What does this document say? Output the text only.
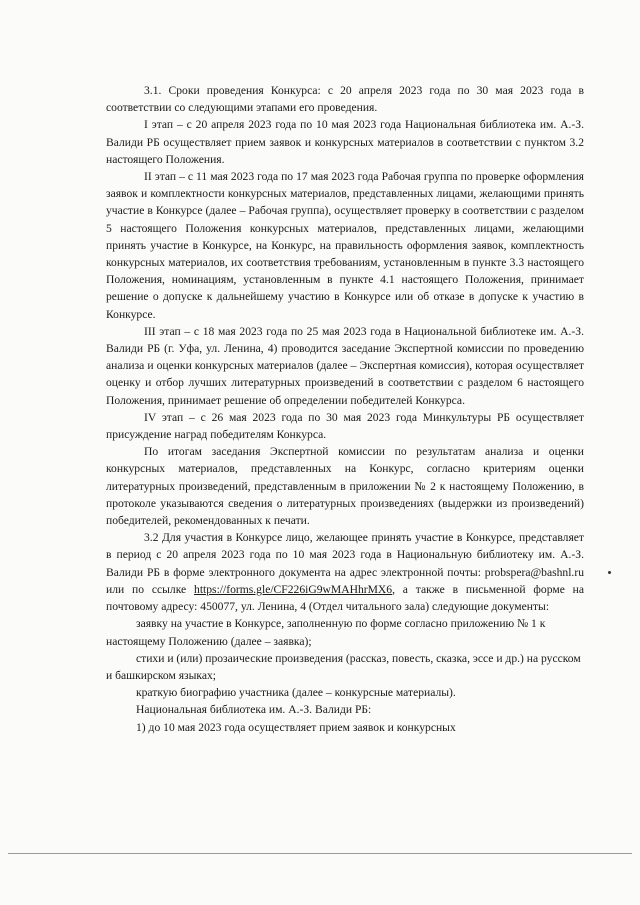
3.1. Сроки проведения Конкурса: с 20 апреля 2023 года по 30 мая 2023 года в соответствии со следующими этапами его проведения.

I этап – с 20 апреля 2023 года по 10 мая 2023 года Национальная библиотека им. А.-З. Валиди РБ осуществляет прием заявок и конкурсных материалов в соответствии с пунктом 3.2 настоящего Положения.

II этап – с 11 мая 2023 года по 17 мая 2023 года Рабочая группа по проверке оформления заявок и комплектности конкурсных материалов, представленных лицами, желающими принять участие в Конкурсе (далее – Рабочая группа), осуществляет проверку в соответствии с разделом 5 настоящего Положения конкурсных материалов, представленных лицами, желающими принять участие в Конкурсе, на Конкурс, на правильность оформления заявок, комплектность конкурсных материалов, их соответствия требованиям, установленным в пункте 3.3 настоящего Положения, номинациям, установленным в пункте 4.1 настоящего Положения, принимает решение о допуске к дальнейшему участию в Конкурсе или об отказе в допуске к участию в Конкурсе.

III этап – с 18 мая 2023 года по 25 мая 2023 года в Национальной библиотеке им. А.-З. Валиди РБ (г. Уфа, ул. Ленина, 4) проводится заседание Экспертной комиссии по проведению анализа и оценки конкурсных материалов (далее – Экспертная комиссия), которая осуществляет оценку и отбор лучших литературных произведений в соответствии с разделом 6 настоящего Положения, принимает решение об определении победителей Конкурса.

IV этап – с 26 мая 2023 года по 30 мая 2023 года Минкультуры РБ осуществляет присуждение наград победителям Конкурса.

По итогам заседания Экспертной комиссии по результатам анализа и оценки конкурсных материалов, представленных на Конкурс, согласно критериям оценки литературных произведений, представленным в приложении № 2 к настоящему Положению, в протоколе указываются сведения о литературных произведениях (выдержки из произведений) победителей, рекомендованных к печати.

3.2 Для участия в Конкурсе лицо, желающее принять участие в Конкурсе, представляет в период с 20 апреля 2023 года по 10 мая 2023 года в Национальную библиотеку им. А.-З. Валиди РБ в форме электронного документа на адрес электронной почты: probspera@bashnl.ru или по ссылке https://forms.gle/CF226iG9wMAHhrMX6, а также в письменной форме на почтовому адресу: 450077, ул. Ленина, 4 (Отдел читального зала) следующие документы:

заявку на участие в Конкурсе, заполненную по форме согласно приложению № 1 к настоящему Положению (далее – заявка);

стихи и (или) прозаические произведения (рассказ, повесть, сказка, эссе и др.) на русском и башкирском языках;

краткую биографию участника (далее – конкурсные материалы).

Национальная библиотека им. А.-З. Валиди РБ:

1) до 10 мая 2023 года осуществляет прием заявок и конкурсных
